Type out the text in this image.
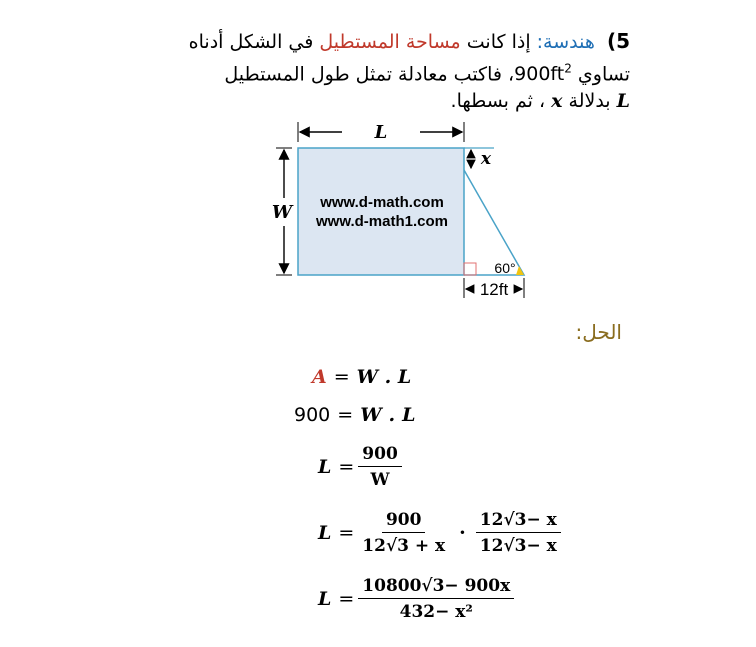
5) هندسة: إذا كانت مساحة المستطيل في الشكل أدناه
تساوي $900ft^2،$ فاكتب معادلة تمثل طول المستطيل
L بدلالة x ، ثم بسطها.
L
W
x
www.d-math.com
www.d-math1.com
60°
12ft
الحل:
A = W . L
900 = W . L
$L = \frac{900}{W}$
$L = \frac{900}{12√3 + x} \cdot \frac{12√3- x}{12√3- x}$
$L = \frac{10800√3- 900x}{\text{432− x²}}$
